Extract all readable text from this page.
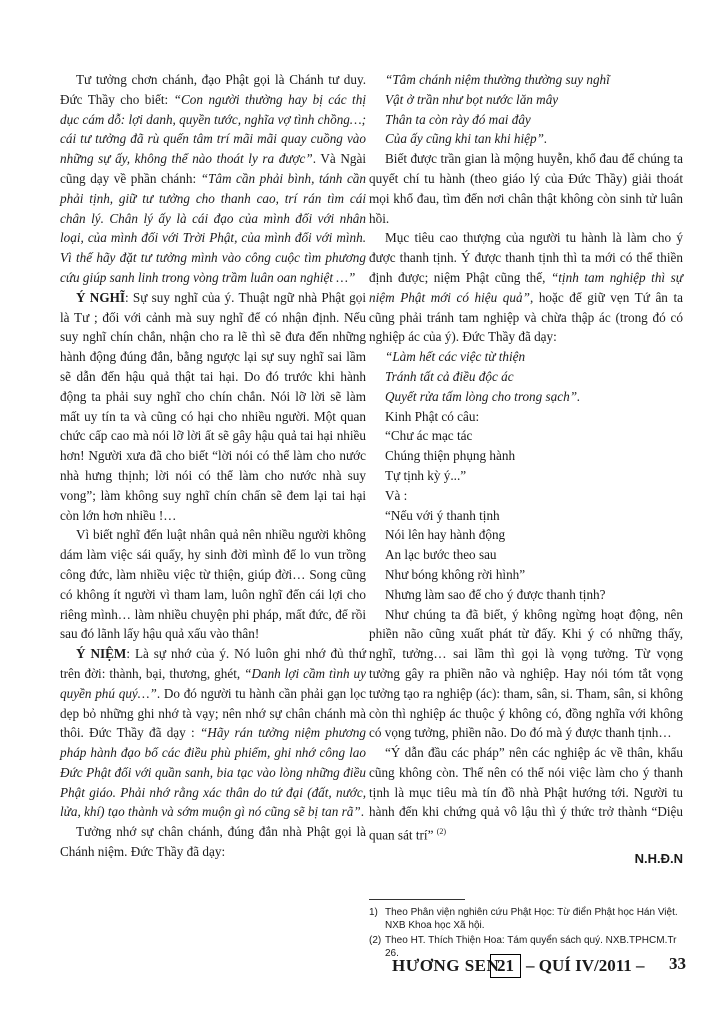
Tư tưởng chơn chánh, đạo Phật gọi là Chánh tư duy. Đức Thầy cho biết: “Con người thường hay bị các thị dục cám dỗ: lợi danh, quyền tước, nghĩa vợ tình chồng…; cái tư tưởng đã rù quến tâm trí mãi mãi quay cuồng vào những sự ấy, không thể nào thoát ly ra được”. Và Ngài cũng dạy về phần chánh: “Tâm cần phải bình, tánh cần phải tịnh, giữ tư tưởng cho thanh cao, trí rán tìm cái chân lý. Chân lý ấy là cái đạo của mình đối với nhân loại, của mình đối với Trời Phật, của mình đối với mình. Vì thế hãy đặt tư tưởng mình vào công cuộc tìm phương cứu giúp sanh linh trong vòng trầm luân oan nghiệt …”

Ý NGHĨ: Sự suy nghĩ của ý. Thuật ngữ nhà Phật gọi là Tư ; đối với cảnh mà suy nghĩ để có nhận định. Nếu suy nghĩ chín chắn, nhận cho ra lẽ thì sẽ đưa đến những hành động đúng đắn, bằng ngược lại sự suy nghĩ sai lầm sẽ dẫn đến hậu quả thật tai hại. Do đó trước khi hành động ta phải suy nghĩ cho chín chắn. Nói lỡ lời sẽ làm mất uy tín ta và cũng có hại cho nhiều người. Một quan chức cấp cao mà nói lỡ lời ất sẽ gây hậu quả tai hại nhiều hơn! Người xưa đã cho biết “lời nói có thể làm cho nước nhà hưng thịnh; lời nói có thể làm cho nước nhà suy vong”; làm không suy nghĩ chín chấn sẽ đem lại tai hại còn lớn hơn nhiều !…

Vì biết nghĩ đến luật nhân quả nên nhiều người không dám làm việc sái quấy, hy sinh đời mình để lo vun trồng công đức, làm nhiều việc từ thiện, giúp đời… Song cũng có không ít người vì tham lam, luôn nghĩ đến cái lợi cho riêng mình… làm nhiều chuyện phi pháp, mất đức, để rồi sau đó lãnh lấy hậu quả xấu vào thân!

Ý NIỆM: Là sự nhớ của ý. Nó luôn ghi nhớ đủ thứ trên đời: thành, bại, thương, ghét, “Danh lợi cầm tình uy quyền phú quý…”. Do đó người tu hành cần phải gạn lọc dẹp bỏ những ghi nhớ tà vạy; nên nhớ sự chân chánh mà thôi. Đức Thầy đã dạy : “Hãy rán tưởng niệm phương pháp hành đạo bố các điều phù phiếm, ghi nhớ công lao Đức Phật đối với quần sanh, bia tạc vào lòng những điều Phật giáo. Phải nhớ rằng xác thân do tứ đại (đất, nước, lửa, khí) tạo thành và sớm muộn gì nó cũng sẽ bị tan rã”.

Tưởng nhớ sự chân chánh, đúng đắn nhà Phật gọi là Chánh niệm. Đức Thầy đã dạy:

“Tâm chánh niệm thường thường suy nghĩ

Vật ở trần như bọt nước lăn mây

Thân ta còn rày đó mai đây

Của ấy cũng khi tan khi hiệp”.

Biết được trần gian là mộng huyễn, khổ đau để chúng ta quyết chí tu hành (theo giáo lý của Đức Thầy) giải thoát mọi khổ đau, tìm đến nơi chân thật không còn sinh tử luân hồi.

Mục tiêu cao thượng của người tu hành là làm cho ý được thanh tịnh. Ý được thanh tịnh thì ta mới có thể thiền định được; niệm Phật cũng thế, “tịnh tam nghiệp thì sự niệm Phật mới có hiệu quả”, hoặc để giữ vẹn Tứ ân ta cũng phải tránh tam nghiệp và chừa thập ác (trong đó có nghiệp ác của ý). Đức Thầy đã dạy:

“Làm hết các việc từ thiện

Tránh tất cả điều độc ác

Quyết rửa tấm lòng cho trong sạch”.

Kinh Phật có câu:

“Chư ác mạc tác

Chúng thiện phụng hành

Tự tịnh kỳ ý...”

Và :

“Nếu với ý thanh tịnh

Nói lên hay hành động

An lạc bước theo sau

Như bóng không rời hình”

Nhưng làm sao để cho ý được thanh tịnh?

Như chúng ta đã biết, ý không ngừng hoạt động, nên phiền não cũng xuất phát từ đấy. Khi ý có những thấy, nghĩ, tưởng… sai lầm thì gọi là vọng tưởng. Từ vọng tưởng gây ra phiền não và nghiệp. Hay nói tóm tắt vọng tưởng tạo ra nghiệp (ác): tham, sân, si. Tham, sân, si không còn thì nghiệp ác thuộc ý không có, đồng nghĩa với không có vọng tưởng, phiền não. Do đó mà ý được thanh tịnh…

“Ý dẫn đầu các pháp” nên các nghiệp ác về thân, khẩu cũng không còn. Thế nên có thể nói việc làm cho ý thanh tịnh là mục tiêu mà tín đồ nhà Phật hướng tới. Người tu hành đến khi chứng quả vô lậu thì ý thức trở thành “Diệu quan sát trí” $^{(2)}$

N.H.Đ.N

1) Theo Phân viện nghiên cứu Phật Học: Từ điển Phật học Hán Việt. NXB Khoa học Xã hội.

(2) Theo HT. Thích Thiện Hoa: Tám quyển sách quý. NXB.TPHCM.Tr 26.

HƯƠNG SEN
21 – QUÍ IV/2011 – 33
